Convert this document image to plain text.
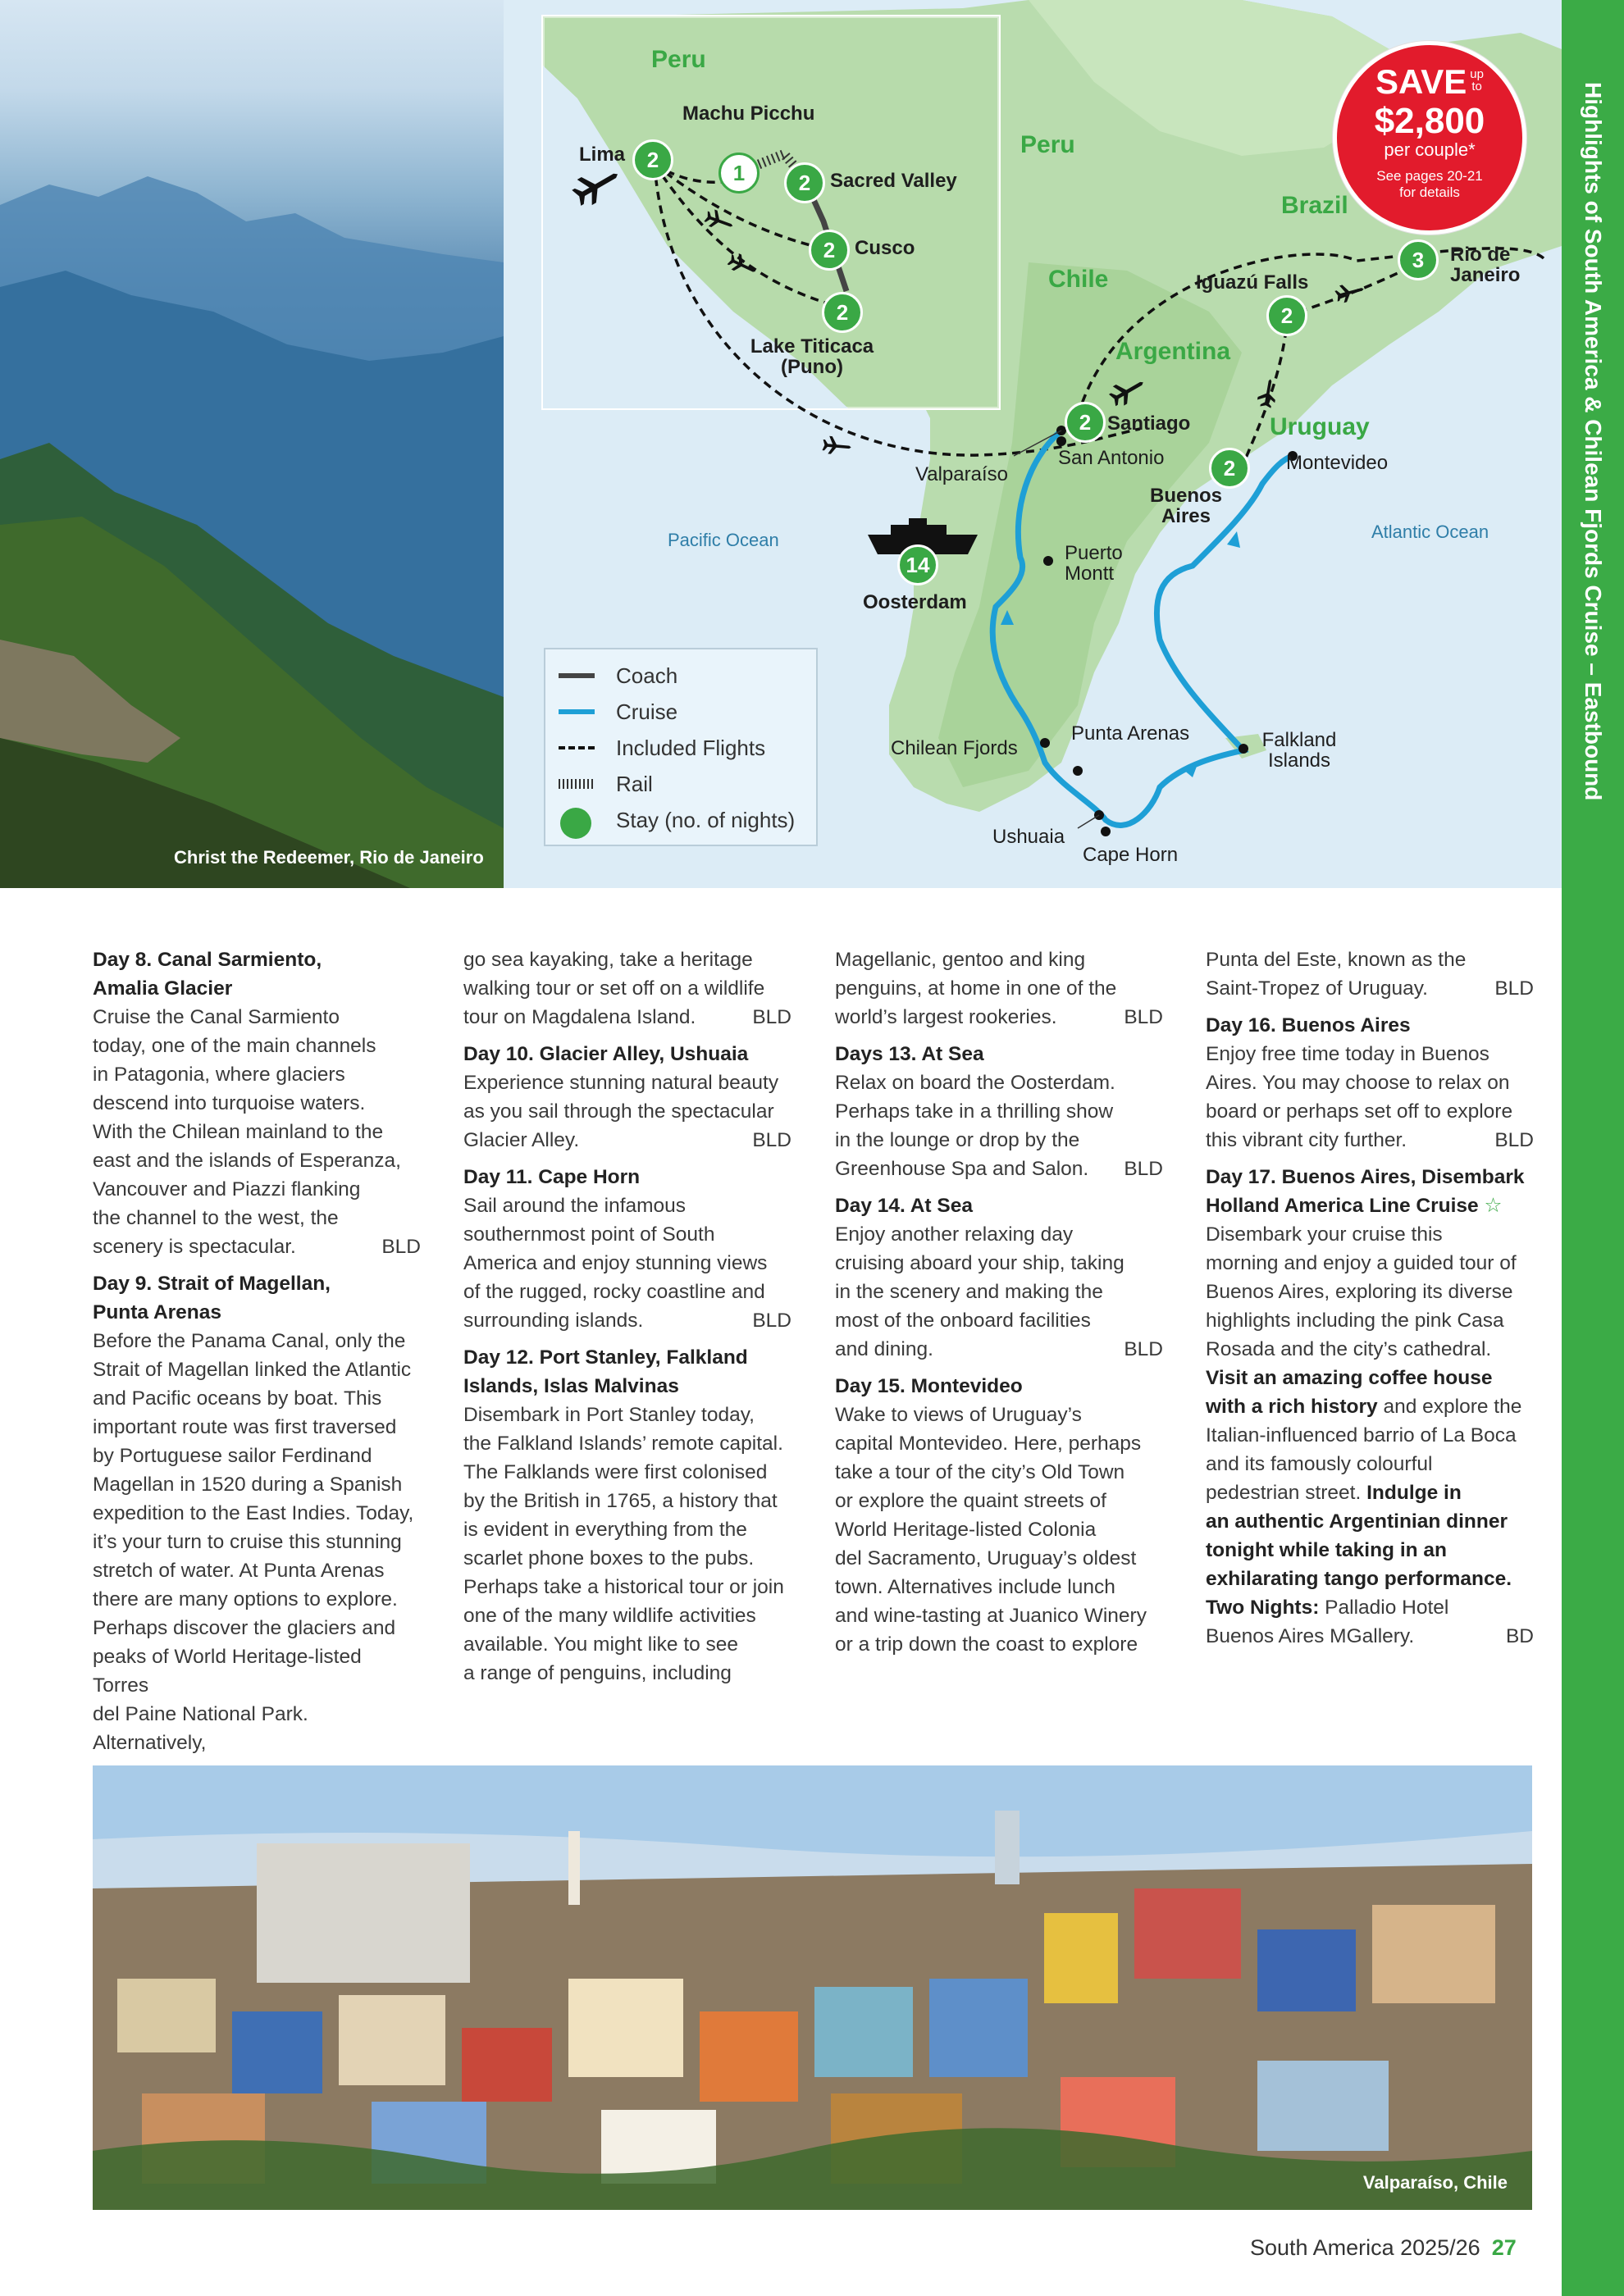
Christ the Redeemer, Rio de Janeiro
Peru
Machu Picchu
Lima
Sacred Valley
Cusco
Lake Titicaca
(Puno)
2
1	2
2
2
Peru
Brazil
Chile
Argentina
Uruguay
Iguazú Falls
Rio de Janeiro
Santiago
San Antonio
Valparaíso
Montevideo
Buenos Aires
Puerto Montt
Oosterdam
Chilean Fjords
Punta Arenas	Falkland Islands
Ushuaia
Cape Horn
3
2
2
2
14
Pacific Ocean	Atlantic Ocean
Coach
Cruise
Included Flights
Rail
Stay (no. of nights)
SAVE up
to
$2,800
per couple*
See pages 20-21
for details	Highlights of South America & Chilean Fjords Cruise – Eastbound

Day 8. Canal Sarmiento,

Amalia Glacier

Cruise the Canal Sarmiento

today, one of the main channels

in Patagonia, where glaciers

descend into turquoise waters.

With the Chilean mainland to the

east and the islands of Esperanza,

Vancouver and Piazzi flanking

the channel to the west, the

scenery is spectacular.	BLD

Day 9. Strait of Magellan,

Punta Arenas

Before the Panama Canal, only the

Strait of Magellan linked the Atlantic

and Pacific oceans by boat. This

important route was first traversed

by Portuguese sailor Ferdinand

Magellan in 1520 during a Spanish

expedition to the East Indies. Today,

it’s your turn to cruise this stunning

stretch of water. At Punta Arenas

there are many options to explore.

Perhaps discover the glaciers and

peaks of World Heritage-listed Torres

del Paine National Park. Alternatively,

go sea kayaking, take a heritage

walking tour or set off on a wildlife

tour on Magdalena Island.	BLD

Day 10. Glacier Alley, Ushuaia

Experience stunning natural beauty

as you sail through the spectacular

Glacier Alley.	BLD

Day 11. Cape Horn

Sail around the infamous

southernmost point of South

America and enjoy stunning views

of the rugged, rocky coastline and

surrounding islands.	BLD

Day 12. Port Stanley, Falkland

Islands, Islas Malvinas

Disembark in Port Stanley today,

the Falkland Islands’ remote capital.

The Falklands were first colonised

by the British in 1765, a history that

is evident in everything from the

scarlet phone boxes to the pubs.

Perhaps take a historical tour or join

one of the many wildlife activities

available. You might like to see

a range of penguins, including

Magellanic, gentoo and king

penguins, at home in one of the

world’s largest rookeries.	BLD

Days 13. At Sea

Relax on board the Oosterdam.

Perhaps take in a thrilling show

in the lounge or drop by the

Greenhouse Spa and Salon. BLD

Day 14. At Sea

Enjoy another relaxing day

cruising aboard your ship, taking

in the scenery and making the

most of the onboard facilities

and dining.	BLD

Day 15. Montevideo

Wake to views of Uruguay’s

capital Montevideo. Here, perhaps

take a tour of the city’s Old Town

or explore the quaint streets of

World Heritage-listed Colonia

del Sacramento, Uruguay’s oldest

town. Alternatives include lunch

and wine-tasting at Juanico Winery

or a trip down the coast to explore

Punta del Este, known as the

Saint-Tropez of Uruguay.	BLD

Day 16. Buenos Aires

Enjoy free time today in Buenos

Aires. You may choose to relax on

board or perhaps set off to explore

this vibrant city further.	BLD

Day 17. Buenos Aires, Disembark

Holland America Line Cruise ☆

Disembark your cruise this

morning and enjoy a guided tour of

Buenos Aires, exploring its diverse

highlights including the pink Casa

Rosada and the city’s cathedral.

Visit an amazing coffee house

with a rich history and explore the

Italian-influenced barrio of La Boca

and its famously colourful

pedestrian street. Indulge in

an authentic Argentinian dinner

tonight while taking in an

exhilarating tango performance.

Two Nights: Palladio Hotel

Buenos Aires MGallery.	BD

Valparaíso, Chile
South America 2025/26 27
